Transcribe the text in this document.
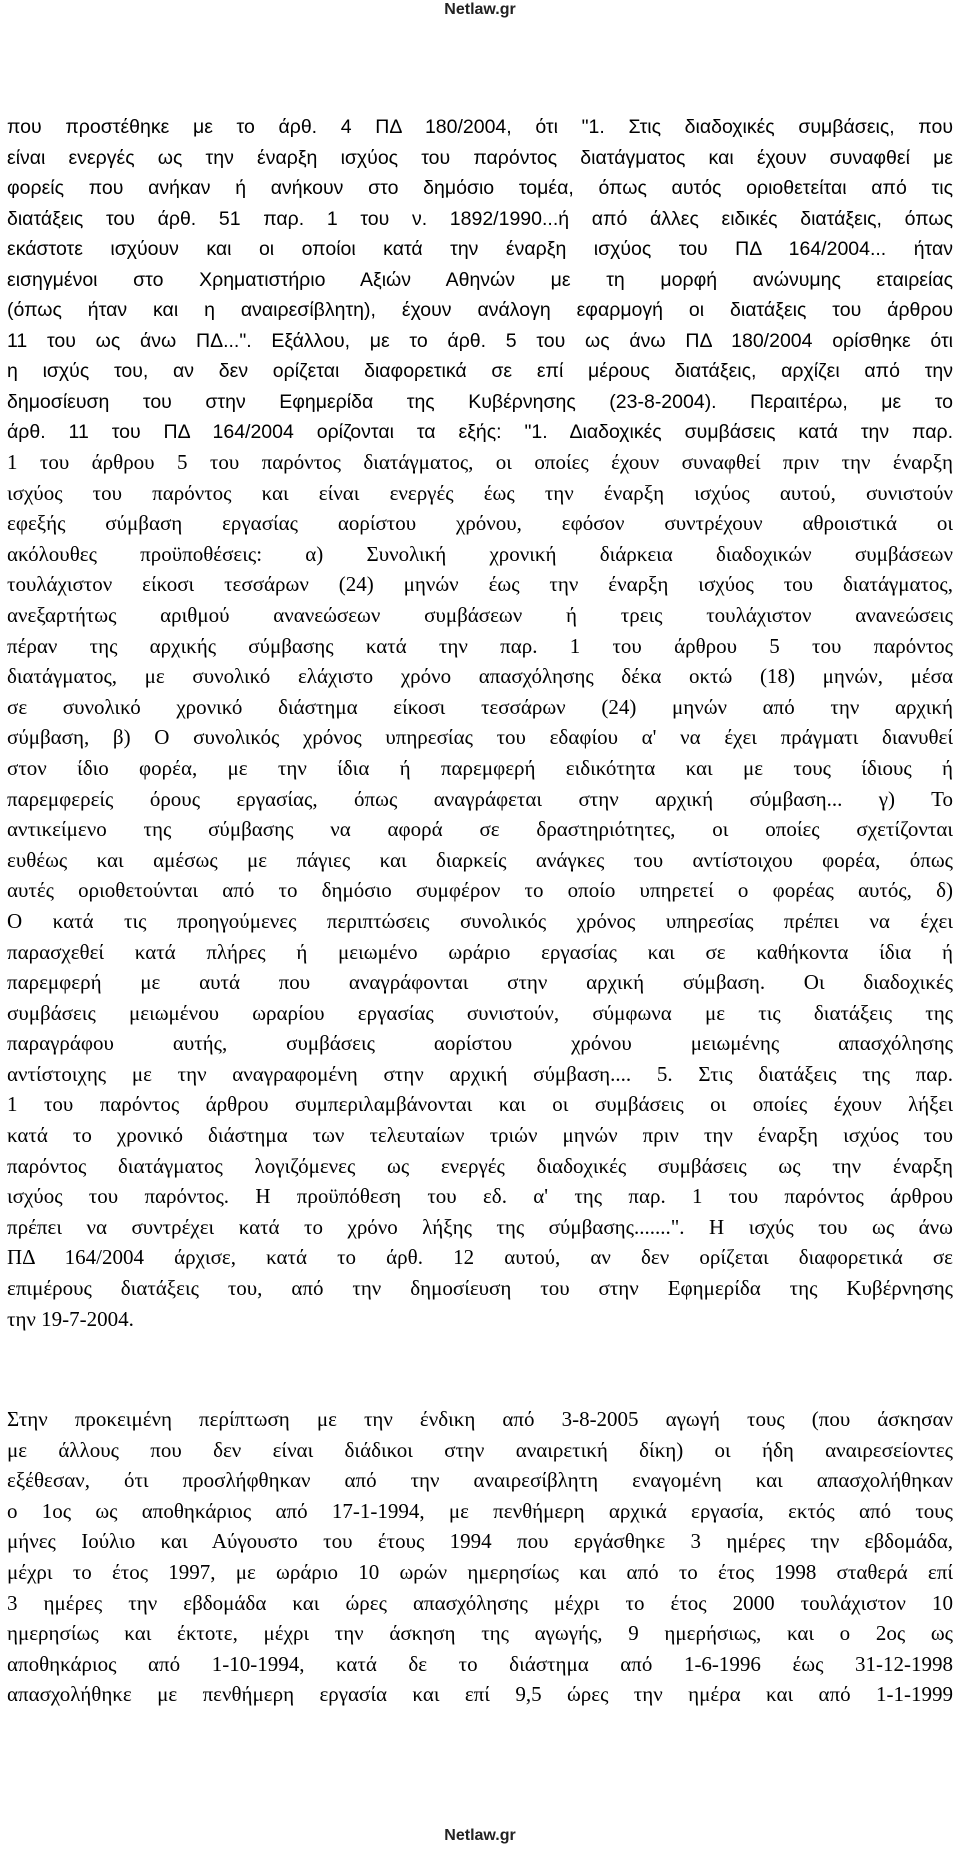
Netlaw.gr
που προστέθηκε με το άρθ. 4 ΠΔ 180/2004, ότι "1. Στις διαδοχικές συμβάσεις, που
είναι ενεργές ως την έναρξη ισχύος του παρόντος διατάγματος και έχουν συναφθεί με
φορείς που ανήκαν ή ανήκουν στο δημόσιο τομέα, όπως αυτός οριοθετείται από τις
διατάξεις του άρθ. 51 παρ. 1 του ν. 1892/1990...ή από άλλες ειδικές διατάξεις, όπως
εκάστοτε ισχύουν και οι οποίοι κατά την έναρξη ισχύος του ΠΔ 164/2004... ήταν
εισηγμένοι στο Χρηματιστήριο Αξιών Αθηνών με τη μορφή ανώνυμης εταιρείας
(όπως ήταν και η αναιρεσίβλητη), έχουν ανάλογη εφαρμογή οι διατάξεις του άρθρου
11 του ως άνω ΠΔ...". Εξάλλου, με το άρθ. 5 του ως άνω ΠΔ 180/2004 ορίσθηκε ότι
η ισχύς του, αν δεν ορίζεται διαφορετικά σε επί μέρους διατάξεις, αρχίζει από την
δημοσίευση του στην Εφημερίδα της Κυβέρνησης (23-8-2004). Περαιτέρω, με το
άρθ. 11 του ΠΔ 164/2004 ορίζονται τα εξής: "1. Διαδοχικές συμβάσεις κατά την παρ.
1 του άρθρου 5 του παρόντος διατάγματος, οι οποίες έχουν συναφθεί πριν την έναρξη
ισχύος του παρόντος και είναι ενεργές έως την έναρξη ισχύος αυτού, συνιστούν
εφεξής σύμβαση εργασίας αορίστου χρόνου, εφόσον συντρέχουν αθροιστικά οι
ακόλουθες προϋποθέσεις: α) Συνολική χρονική διάρκεια διαδοχικών συμβάσεων
τουλάχιστον είκοσι τεσσάρων (24) μηνών έως την έναρξη ισχύος του διατάγματος,
ανεξαρτήτως αριθμού ανανεώσεων συμβάσεων ή τρεις τουλάχιστον ανανεώσεις
πέραν της αρχικής σύμβασης κατά την παρ. 1 του άρθρου 5 του παρόντος
διατάγματος, με συνολικό ελάχιστο χρόνο απασχόλησης δέκα οκτώ (18) μηνών, μέσα
σε συνολικό χρονικό διάστημα είκοσι τεσσάρων (24) μηνών από την αρχική
σύμβαση, β) Ο συνολικός χρόνος υπηρεσίας του εδαφίου α' να έχει πράγματι διανυθεί
στον ίδιο φορέα, με την ίδια ή παρεμφερή ειδικότητα και με τους ίδιους ή
παρεμφερείς όρους εργασίας, όπως αναγράφεται στην αρχική σύμβαση... γ) Το
αντικείμενο της σύμβασης να αφορά σε δραστηριότητες, οι οποίες σχετίζονται
ευθέως και αμέσως με πάγιες και διαρκείς ανάγκες του αντίστοιχου φορέα, όπως
αυτές οριοθετούνται από το δημόσιο συμφέρον το οποίο υπηρετεί ο φορέας αυτός, δ)
Ο κατά τις προηγούμενες περιπτώσεις συνολικός χρόνος υπηρεσίας πρέπει να έχει
παρασχεθεί κατά πλήρες ή μειωμένο ωράριο εργασίας και σε καθήκοντα ίδια ή
παρεμφερή με αυτά που αναγράφονται στην αρχική σύμβαση. Οι διαδοχικές
συμβάσεις μειωμένου ωραρίου εργασίας συνιστούν, σύμφωνα με τις διατάξεις της
παραγράφου αυτής, συμβάσεις αορίστου χρόνου μειωμένης απασχόλησης
αντίστοιχης με την αναγραφομένη στην αρχική σύμβαση.... 5. Στις διατάξεις της παρ.
1 του παρόντος άρθρου συμπεριλαμβάνονται και οι συμβάσεις οι οποίες έχουν λήξει
κατά το χρονικό διάστημα των τελευταίων τριών μηνών πριν την έναρξη ισχύος του
παρόντος διατάγματος λογιζόμενες ως ενεργές διαδοχικές συμβάσεις ως την έναρξη
ισχύος του παρόντος. Η προϋπόθεση του εδ. α' της παρ. 1 του παρόντος άρθρου
πρέπει να συντρέχει κατά το χρόνο λήξης της σύμβασης.......". Η ισχύς του ως άνω
ΠΔ 164/2004 άρχισε, κατά το άρθ. 12 αυτού, αν δεν ορίζεται διαφορετικά σε
επιμέρους διατάξεις του, από την δημοσίευση του στην Εφημερίδα της Κυβέρνησης
την 19-7-2004.
Στην προκειμένη περίπτωση με την ένδικη από 3-8-2005 αγωγή τους (που άσκησαν
με άλλους που δεν είναι διάδικοι στην αναιρετική δίκη) οι ήδη αναιρεσείοντες
εξέθεσαν, ότι προσλήφθηκαν από την αναιρεσίβλητη εναγομένη και απασχολήθηκαν
ο 1ος ως αποθηκάριος από 17-1-1994, με πενθήμερη αρχικά εργασία, εκτός από τους
μήνες Ιούλιο και Αύγουστο του έτους 1994 που εργάσθηκε 3 ημέρες την εβδομάδα,
μέχρι το έτος 1997, με ωράριο 10 ωρών ημερησίως και από το έτος 1998 σταθερά επί
3 ημέρες την εβδομάδα και ώρες απασχόλησης μέχρι το έτος 2000 τουλάχιστον 10
ημερησίως και έκτοτε, μέχρι την άσκηση της αγωγής, 9 ημερήσιως, και ο 2ος ως
αποθηκάριος από 1-10-1994, κατά δε το διάστημα από 1-6-1996 έως 31-12-1998
απασχολήθηκε με πενθήμερη εργασία και επί 9,5 ώρες την ημέρα και από 1-1-1999
Netlaw.gr
